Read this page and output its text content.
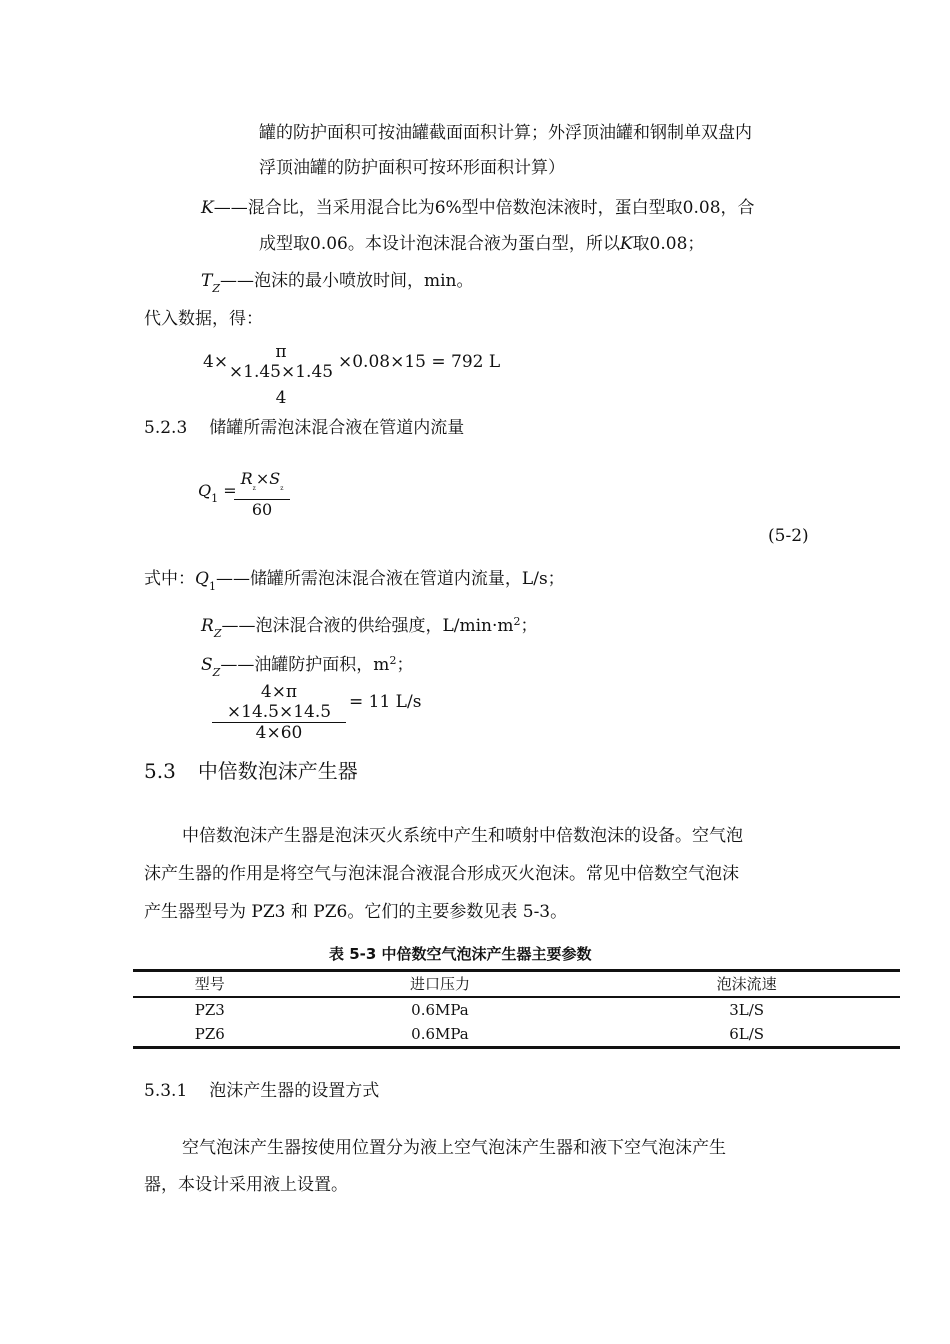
罐的防护面积可按油罐截面面积计算；外浮顶油罐和钢制单双盘内
浮顶油罐的防护面积可按环形面积计算）
K——混合比，当采用混合比为6%型中倍数泡沫液时，蛋白型取0.08，合
成型取0.06。本设计泡沫混合液为蛋白型，所以K取0.08；
$T_Z——$泡沫的最小喷放时间，min。
代入数据，得：
4×	π ×1.45×1.45
4
×0.08×15 = 792 L
5.2.3 储罐所需泡沫混合液在管道内流量
$Q_1$ =
$R_z\times S_z$
60
(5-2)
式中：$Q_1——$储罐所需泡沫混合液在管道内流量，L/s；
$R_Z——$泡沫混合液的供给强度，$L/\min\cdot m^2$；
$S_Z——$油罐防护面积，$m^2$；
4×π ×14.5×14.5
4×60
= 11 L/s
5.3 中倍数泡沫产生器
中倍数泡沫产生器是泡沫灭火系统中产生和喷射中倍数泡沫的设备。空气泡
沫产生器的作用是将空气与泡沫混合液混合形成灭火泡沫。常见中倍数空气泡沫
产生器型号为 PZ3 和 PZ6。它们的主要参数见表 5-3。
表 5-3 中倍数空气泡沫产生器主要参数
型号	进口压力	泡沫流速
PZ3	0.6MPa	3L/S
PZ6	0.6MPa	6L/S
5.3.1 泡沫产生器的设置方式
空气泡沫产生器按使用位置分为液上空气泡沫产生器和液下空气泡沫产生
器，本设计采用液上设置。
